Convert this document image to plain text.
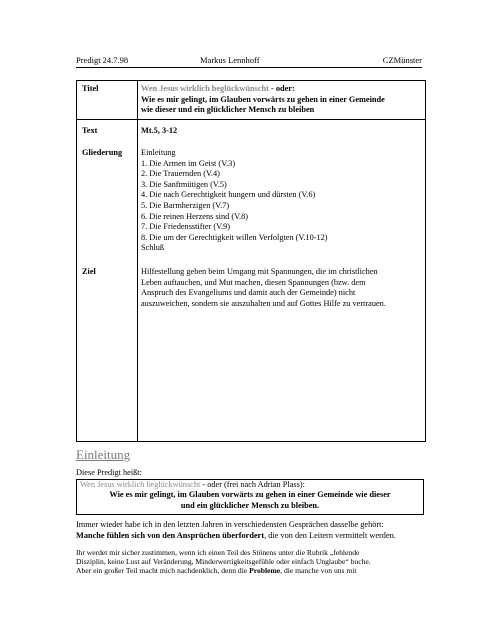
Predigt 24.7.98	Markus Lennhoff	CZMünster
Titel	Wen Jesus wirklich beglückwünscht - oder:
Wie es mir gelingt, im Glauben vorwärts zu gehen in einer Gemeinde
wie dieser und ein glücklicher Mensch zu bleiben
Text	Mt.5, 3-12
Gliederung Einleitung
1. Die Armen im Geist (V.3)
2. Die Trauernden (V.4)
3. Die Sanftmütigen (V.5)
4. Die nach Gerechtigkeit hungern und dürsten (V.6)
5. Die Barmherzigen (V.7)
6. Die reinen Herzens sind (V.8)
7. Die Friedensstifter (V.9)
8. Die um der Gerechtigkeit willen Verfolgten (V.10-12)
Schluß
Ziel	Hilfestellung geben beim Umgang mit Spannungen, die im christlichen
Leben auftauchen, und Mut machen, diesen Spannungen (bzw. dem
Anspruch des Evangeliums und damit auch der Gemeinde) nicht
auszuweichen, sondern sie auszuhalten und auf Gottes Hilfe zu vertrauen.
Einleitung
Diese Predigt heißt:
Wen Jesus wirklich beglückwünscht - oder (frei nach Adrian Plass):
Wie es mir gelingt, im Glauben vorwärts zu gehen in einer Gemeinde wie dieser
und ein glücklicher Mensch zu bleiben.
Immer wieder habe ich in den letzten Jahren in verschiedensten Gesprächen dasselbe gehört:
Manche fühlen sich von den Ansprüchen überfordert, die von den Leitern vermittelt werden.
Ihr werdet mir sicher zustimmen, wenn ich einen Teil des Stönens unter die Rubrik „fehlende
Disziplin, keine Lust auf Veränderung, Minderwertigkeitsgefühle oder einfach Unglaube“ buche.
Aber ein großer Teil macht mich nachdenklich, denn die Probleme, die manche von uns mit
